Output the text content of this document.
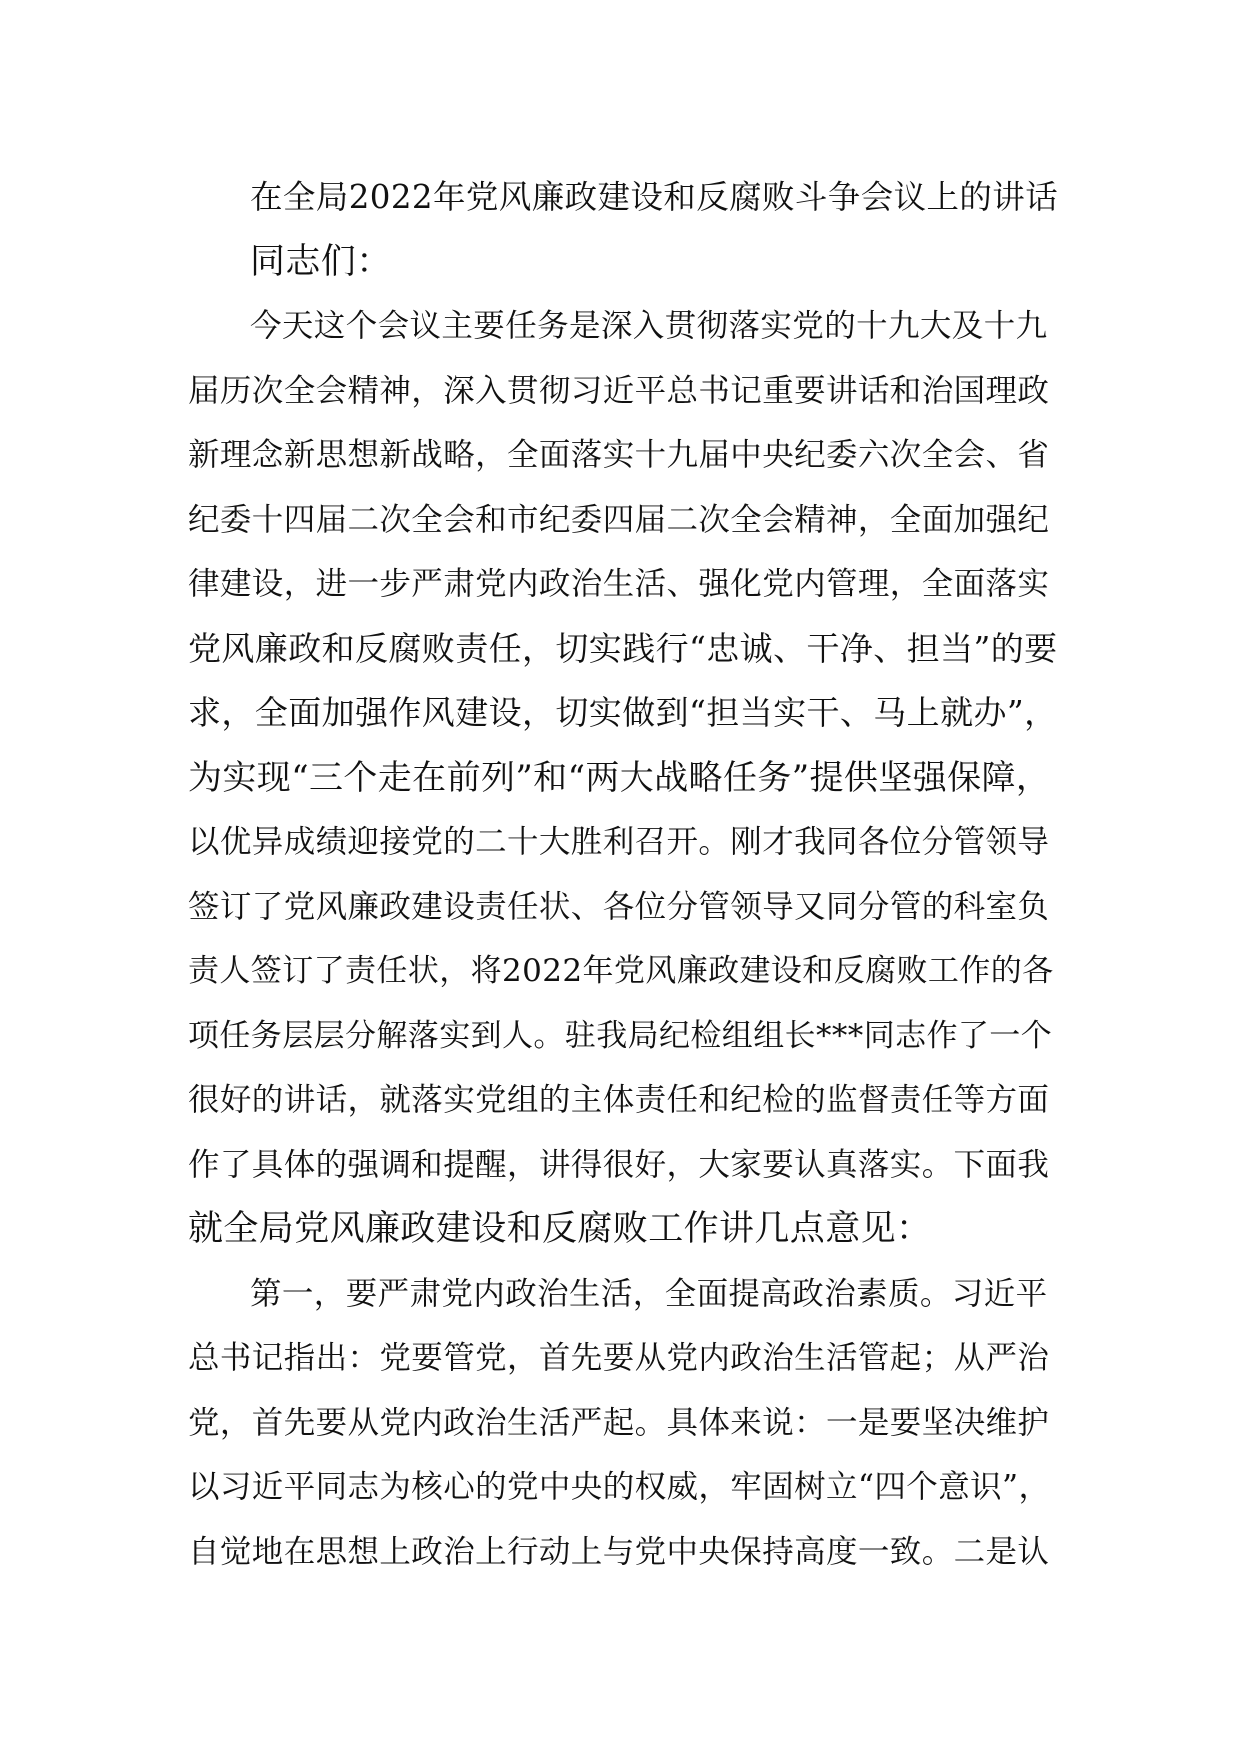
在全局2022年党风廉政建设和反腐败斗争会议上的讲话
同志们：
今天这个会议主要任务是深入贯彻落实党的十九大及十九
届历次全会精神，深入贯彻习近平总书记重要讲话和治国理政
新理念新思想新战略，全面落实十九届中央纪委六次全会、省
纪委十四届二次全会和市纪委四届二次全会精神，全面加强纪
律建设，进一步严肃党内政治生活、强化党内管理，全面落实
党风廉政和反腐败责任，切实践行“忠诚、干净、担当”的要
求，全面加强作风建设，切实做到“担当实干、马上就办”，
为实现“三个走在前列”和“两大战略任务”提供坚强保障，
以优异成绩迎接党的二十大胜利召开。刚才我同各位分管领导
签订了党风廉政建设责任状、各位分管领导又同分管的科室负
责人签订了责任状，将2022年党风廉政建设和反腐败工作的各
项任务层层分解落实到人。驻我局纪检组组长***同志作了一个
很好的讲话，就落实党组的主体责任和纪检的监督责任等方面
作了具体的强调和提醒，讲得很好，大家要认真落实。下面我
就全局党风廉政建设和反腐败工作讲几点意见：
第一，要严肃党内政治生活，全面提高政治素质。习近平
总书记指出：党要管党，首先要从党内政治生活管起；从严治
党，首先要从党内政治生活严起。具体来说：一是要坚决维护
以习近平同志为核心的党中央的权威，牢固树立“四个意识”，
自觉地在思想上政治上行动上与党中央保持高度一致。二是认
